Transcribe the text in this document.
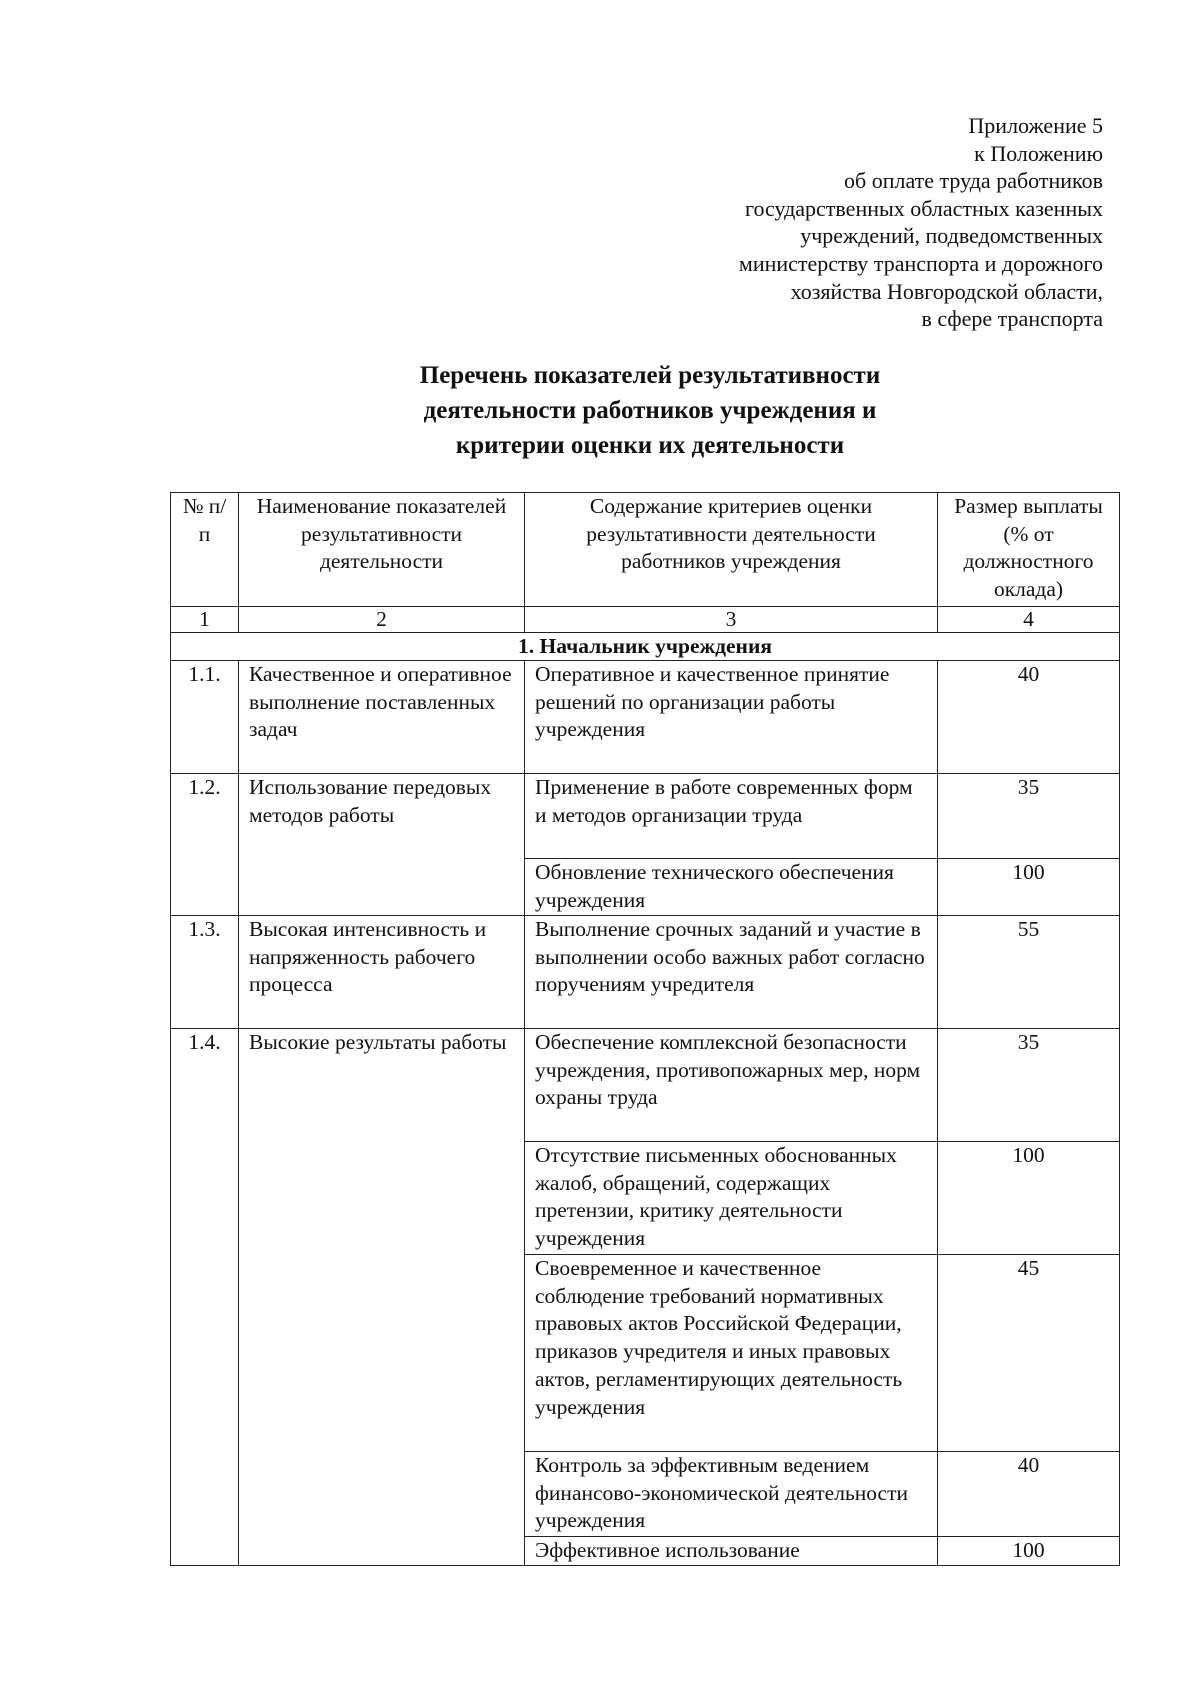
Приложение 5
к Положению
об оплате труда работников
государственных областных казенных
учреждений, подведомственных
министерству транспорта и дорожного
хозяйства Новгородской области,
в сфере транспорта
Перечень показателей результативности
деятельности работников учреждения и
критерии оценки их деятельности
№ п/п	Наименование показателей результативности деятельности	Содержание критериев оценки результативности деятельности работников учреждения	Размер выплаты (% от должностного оклада)
1	2	3	4
1. Начальник учреждения			
1.1.	Качественное и оперативное выполнение поставленных задач	Оперативное и качественное принятие решений по организации работы учреждения	40
1.2.	Использование передовых методов работы	Применение в работе современных форм и методов организации труда	35
		Обновление технического обеспечения учреждения	100
1.3.	Высокая интенсивность и напряженность рабочего процесса	Выполнение срочных заданий и участие в выполнении особо важных работ согласно поручениям учредителя	55
1.4.	Высокие результаты работы	Обеспечение комплексной безопасности учреждения, противопожарных мер, норм охраны труда	35
		Отсутствие письменных обоснованных жалоб, обращений, содержащих претензии, критику деятельности учреждения	100
		Своевременное и качественное соблюдение требований нормативных правовых актов Российской Федерации, приказов учредителя и иных правовых актов, регламентирующих деятельность учреждения	45
		Контроль за эффективным ведением финансово-экономической деятельности учреждения	40
		Эффективное использование	100
